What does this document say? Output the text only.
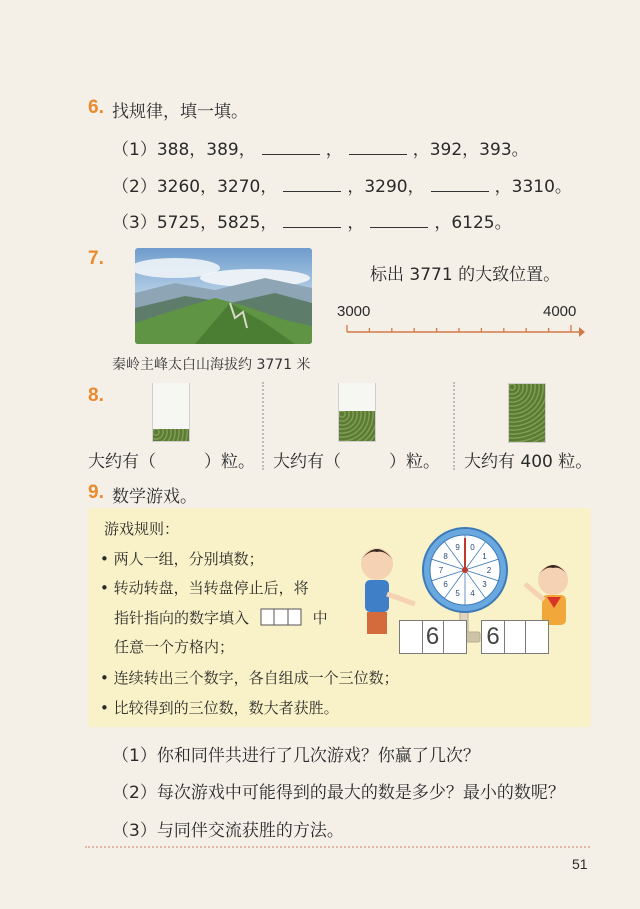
6. 找规律，填一填。
（1）388，389，	，	，392，393。
（2）3260，3270，	，3290，	，3310。
（3）5725，5825，	，	，6125。
7.
标出 3771 的大致位置。
3000	4000
秦岭主峰太白山海拔约 3771 米
8.
大约有（	）粒。 大约有（	）粒。 大约有 400 粒。
9. 数学游戏。
游戏规则：
• 两人一组，分别填数；
• 转动转盘，当转盘停止后，将
指针指向的数字填入	中
任意一个方格内；
• 连续转出三个数字，各自组成一个三位数；
• 比较得到的三位数，数大者获胜。
0
1
2
3
4
5
6
7
8
9
6 6
（1）你和同伴共进行了几次游戏？你赢了几次？
（2）每次游戏中可能得到的最大的数是多少？最小的数呢？
（3）与同伴交流获胜的方法。
51
